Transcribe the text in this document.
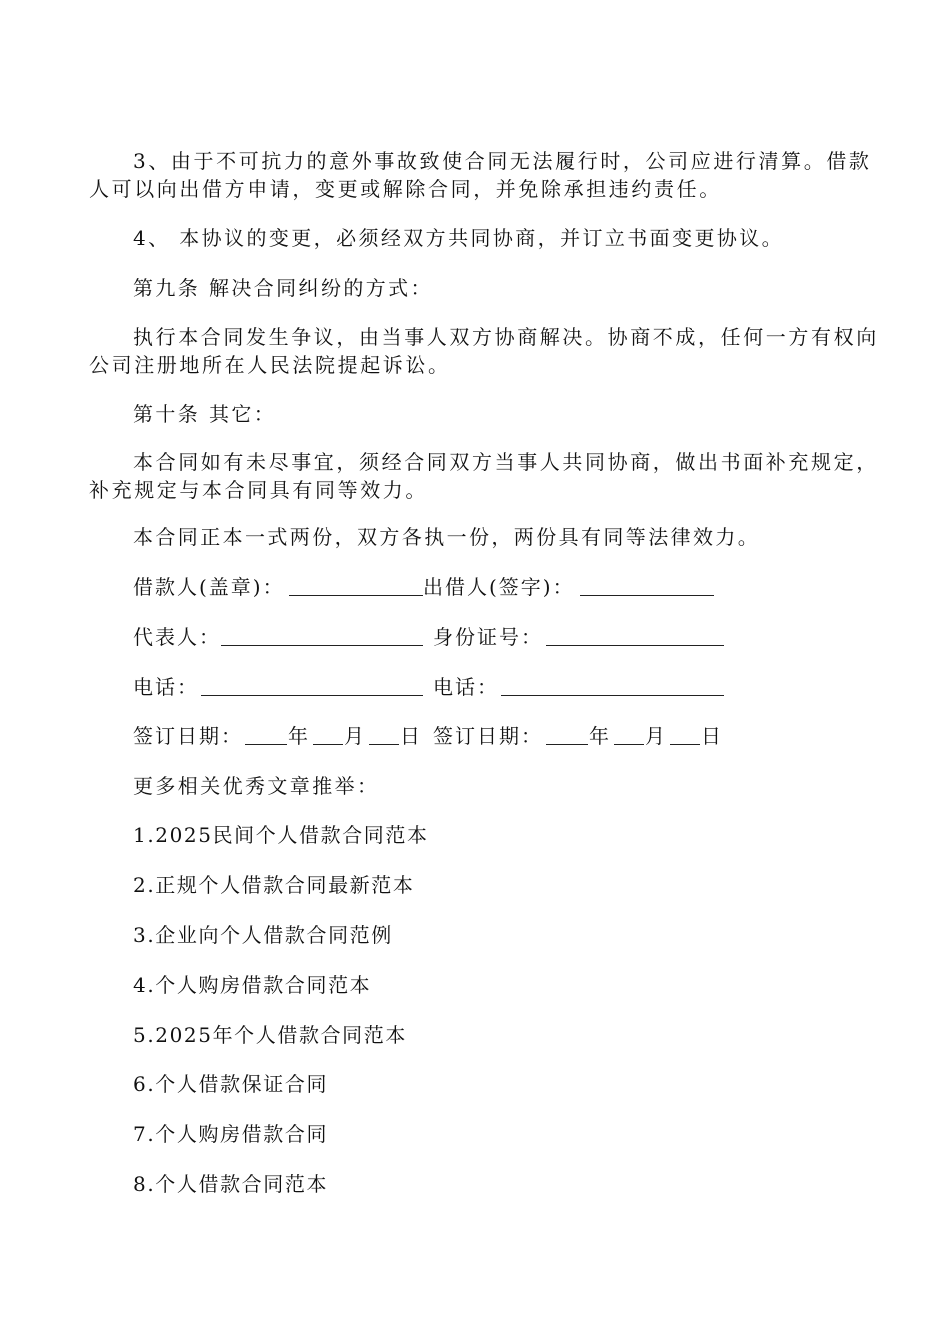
3、由于不可抗力的意外事故致使合同无法履行时，公司应进行清算。借款人可以向出借方申请，变更或解除合同，并免除承担违约责任。

4、 本协议的变更，必须经双方共同协商，并订立书面变更协议。

第九条 解决合同纠纷的方式：

执行本合同发生争议，由当事人双方协商解决。协商不成，任何一方有权向公司注册地所在人民法院提起诉讼。

第十条 其它：

本合同如有未尽事宜，须经合同双方当事人共同协商，做出书面补充规定，补充规定与本合同具有同等效力。

本合同正本一式两份，双方各执一份，两份具有同等法律效力。

借款人(盖章)：	出借人(签字)：
代表人：	身份证号：
电话：	电话：
签订日期： 年 月 日 签订日期： 年 月 日

更多相关优秀文章推举：

1.2025民间个人借款合同范本

2.正规个人借款合同最新范本

3.企业向个人借款合同范例

4.个人购房借款合同范本

5.2025年个人借款合同范本

6.个人借款保证合同

7.个人购房借款合同

8.个人借款合同范本
